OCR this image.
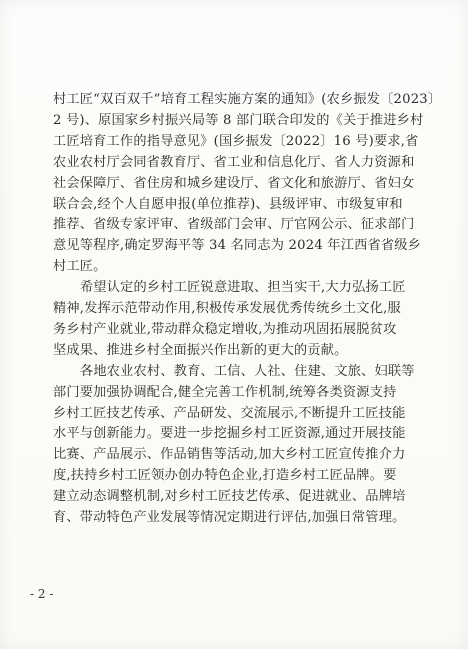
村工匠“双百双千”培育工程实施方案的通知》(农乡振发〔2023〕
2 号)、原国家乡村振兴局等 8 部门联合印发的《关于推进乡村
工匠培育工作的指导意见》(国乡振发〔2022〕16 号)要求,省
农业农村厅会同省教育厅、省工业和信息化厅、省人力资源和
社会保障厅、省住房和城乡建设厅、省文化和旅游厅、省妇女
联合会,经个人自愿申报(单位推荐)、县级评审、市级复审和
推荐、省级专家评审、省级部门会审、厅官网公示、征求部门
意见等程序,确定罗海平等 34 名同志为 2024 年江西省省级乡
村工匠。
希望认定的乡村工匠锐意进取、担当实干,大力弘扬工匠
精神,发挥示范带动作用,积极传承发展优秀传统乡土文化,服
务乡村产业就业,带动群众稳定增收,为推动巩固拓展脱贫攻
坚成果、推进乡村全面振兴作出新的更大的贡献。
各地农业农村、教育、工信、人社、住建、文旅、妇联等
部门要加强协调配合,健全完善工作机制,统筹各类资源支持
乡村工匠技艺传承、产品研发、交流展示,不断提升工匠技能
水平与创新能力。要进一步挖掘乡村工匠资源,通过开展技能
比赛、产品展示、作品销售等活动,加大乡村工匠宣传推介力
度,扶持乡村工匠领办创办特色企业,打造乡村工匠品牌。要
建立动态调整机制,对乡村工匠技艺传承、促进就业、品牌培
育、带动特色产业发展等情况定期进行评估,加强日常管理。
- 2 -
